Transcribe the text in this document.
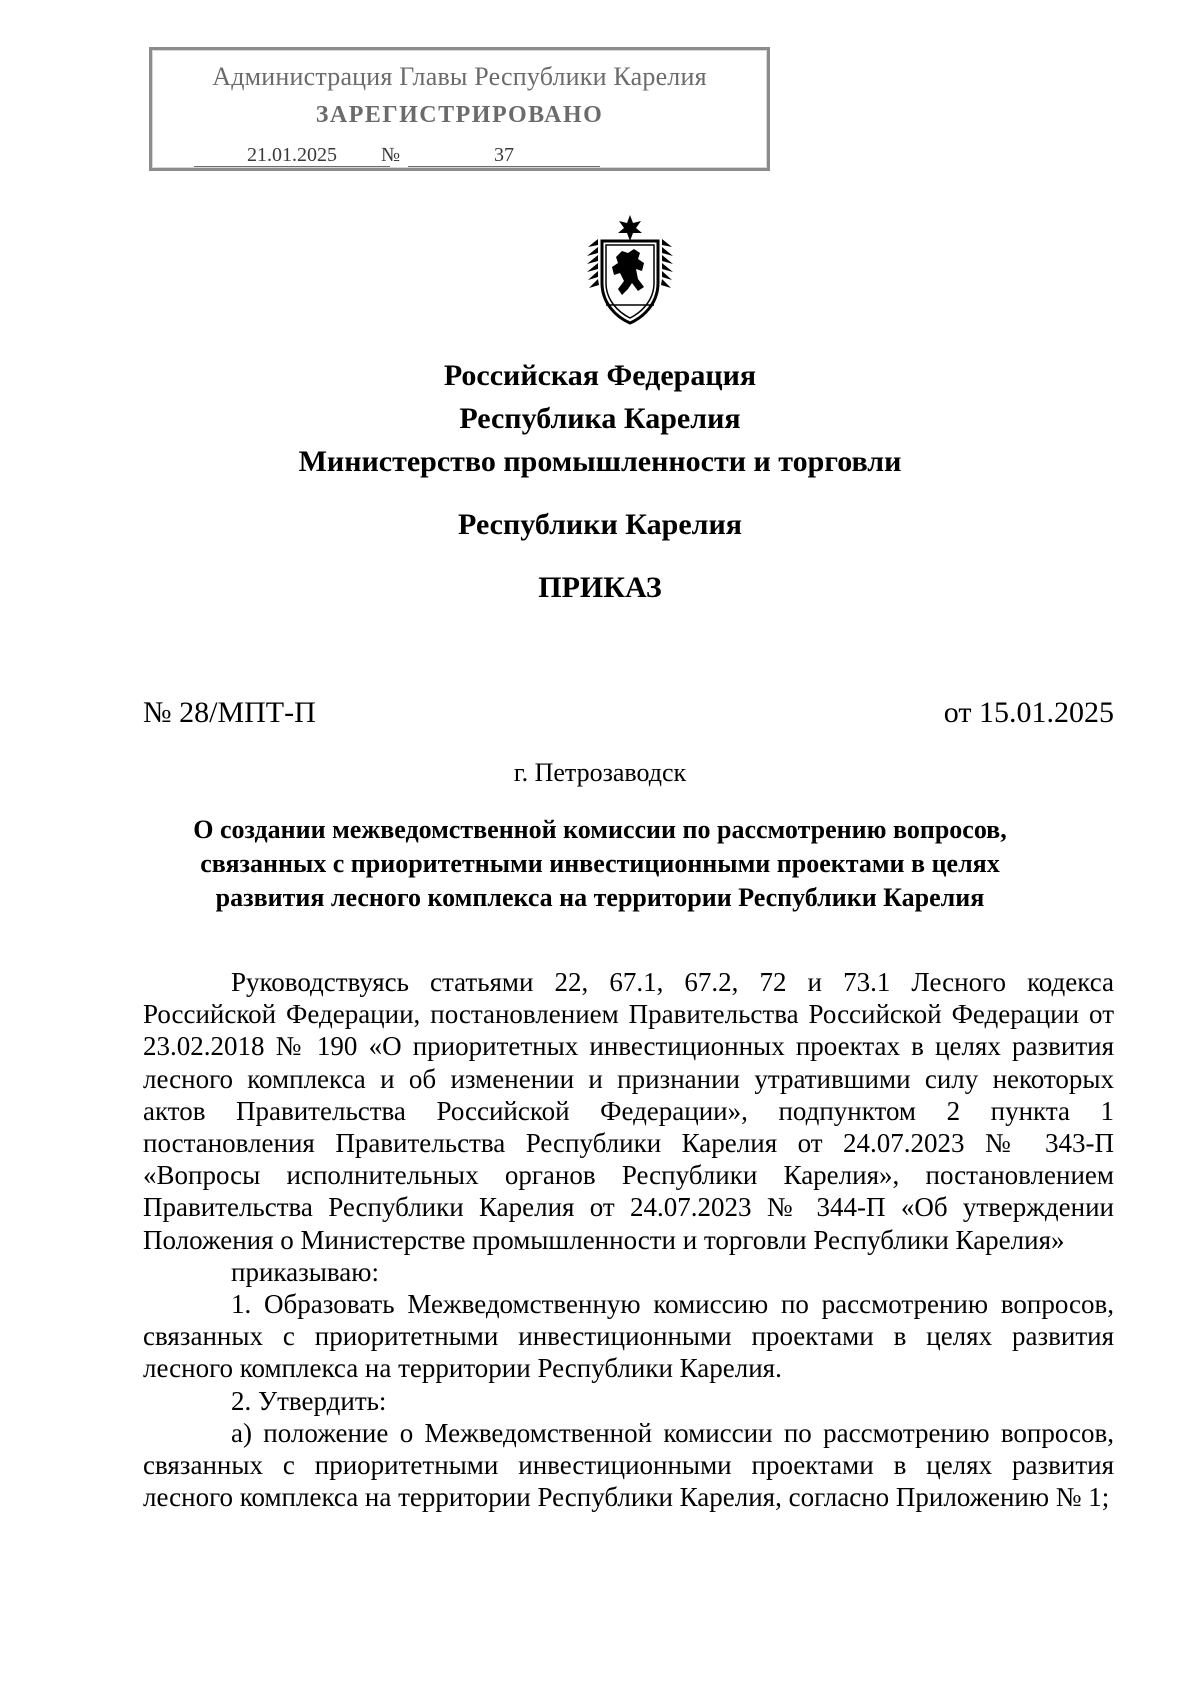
Администрация Главы Республики Карелия
ЗАРЕГИСТРИРОВАНО
21.01.2025	№	37
Российская Федерация
Республика Карелия
Министерство промышленности и торговли
Республики Карелия
ПРИКАЗ
№ 28/МПТ-П	от 15.01.2025
г. Петрозаводск
О создании межведомственной комиссии по рассмотрению вопросов, связанных с приоритетными инвестиционными проектами в целях развития лесного комплекса на территории Республики Карелия

Руководствуясь статьями 22, 67.1, 67.2, 72 и 73.1 Лесного кодекса Российской Федерации, постановлением Правительства Российской Федерации от 23.02.2018 № 190 «О приоритетных инвестиционных проектах в целях развития лесного комплекса и об изменении и признании утратившими силу некоторых актов Правительства Российской Федерации», подпунктом 2 пункта 1 постановления Правительства Республики Карелия от 24.07.2023 № 343-П «Вопросы исполнительных органов Республики Карелия», постановлением Правительства Республики Карелия от 24.07.2023 № 344-П «Об утверждении Положения о Министерстве промышленности и торговли Республики Карелия»

приказываю:

1. Образовать Межведомственную комиссию по рассмотрению вопросов, связанных с приоритетными инвестиционными проектами в целях развития лесного комплекса на территории Республики Карелия.

2. Утвердить:

а) положение о Межведомственной комиссии по рассмотрению вопросов, связанных с приоритетными инвестиционными проектами в целях развития лесного комплекса на территории Республики Карелия, согласно Приложению № 1;
